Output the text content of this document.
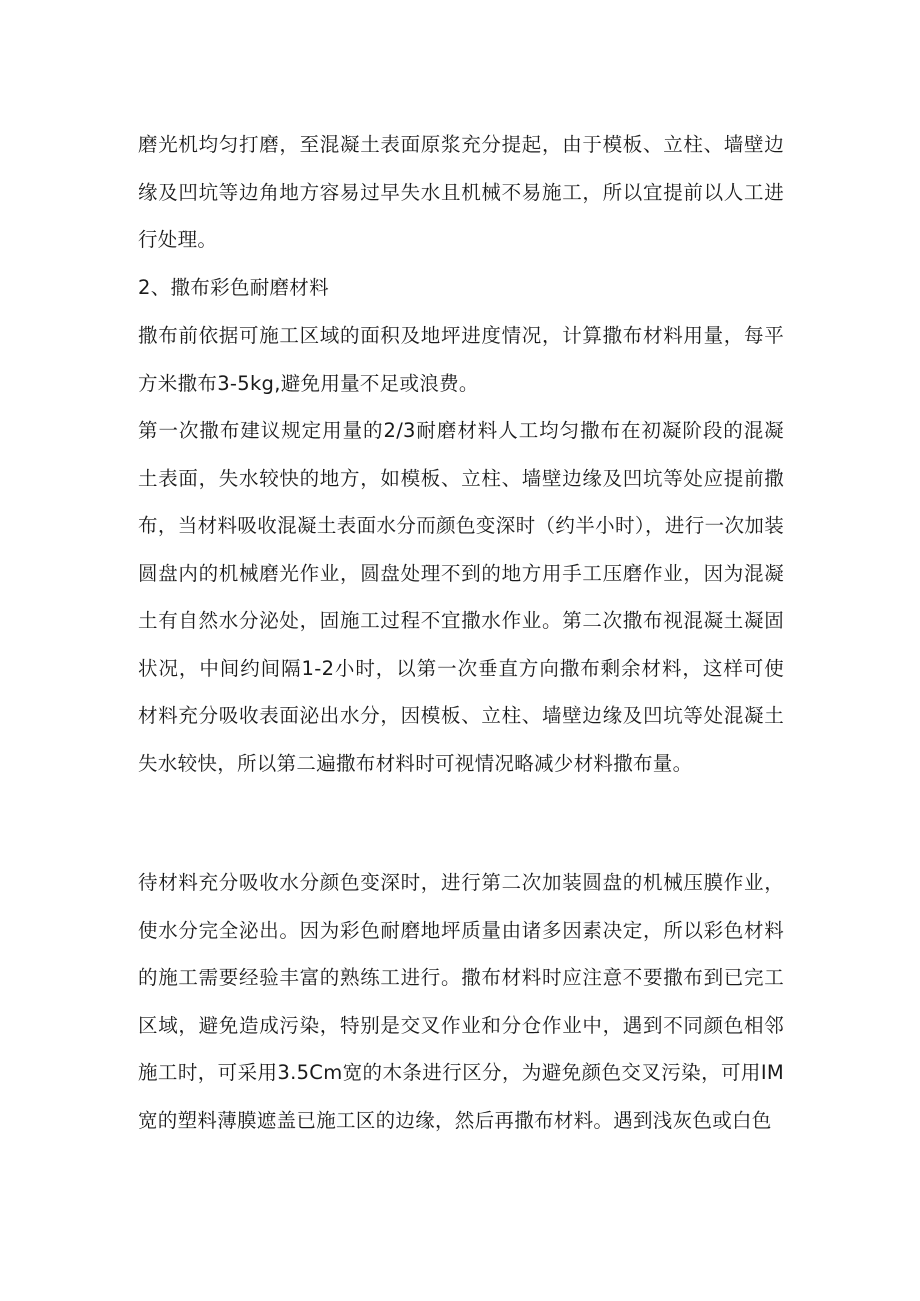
磨光机均匀打磨，至混凝土表面原浆充分提起，由于模板、立柱、墙壁边缘及凹坑等边角地方容易过早失水且机械不易施工，所以宜提前以人工进行处理。

2、撒布彩色耐磨材料

撒布前依据可施工区域的面积及地坪进度情况，计算撒布材料用量，每平方米撒布3-5kg,避免用量不足或浪费。

第一次撒布建议规定用量的2/3耐磨材料人工均匀撒布在初凝阶段的混凝土表面，失水较快的地方，如模板、立柱、墙壁边缘及凹坑等处应提前撒布，当材料吸收混凝土表面水分而颜色变深时（约半小时），进行一次加装圆盘内的机械磨光作业，圆盘处理不到的地方用手工压磨作业，因为混凝土有自然水分泌处，固施工过程不宜撒水作业。第二次撒布视混凝土凝固状况，中间约间隔1-2小时，以第一次垂直方向撒布剩余材料，这样可使材料充分吸收表面泌出水分，因模板、立柱、墙壁边缘及凹坑等处混凝土失水较快，所以第二遍撒布材料时可视情况略减少材料撒布量。

待材料充分吸收水分颜色变深时，进行第二次加装圆盘的机械压膜作业，使水分完全泌出。因为彩色耐磨地坪质量由诸多因素决定，所以彩色材料的施工需要经验丰富的熟练工进行。撒布材料时应注意不要撒布到已完工区域，避免造成污染，特别是交叉作业和分仓作业中，遇到不同颜色相邻施工时，可采用3.5Cm宽的木条进行区分，为避免颜色交叉污染，可用IM宽的塑料薄膜遮盖已施工区的边缘，然后再撒布材料。遇到浅灰色或白色
